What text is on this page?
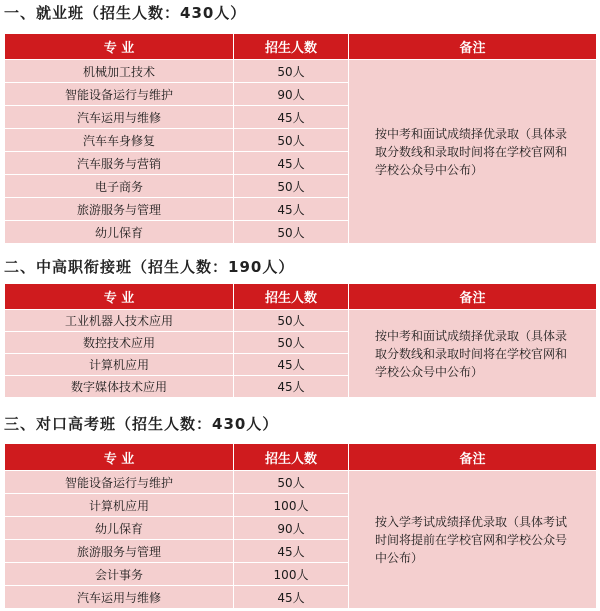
一、就业班（招生人数：430人）
专 业	招生人数	备注
机械加工技术	50人	按中考和面试成绩择优录取（具体录取分数线和录取时间将在学校官网和学校公众号中公布）
智能设备运行与维护	90人	
汽车运用与维修	45人	
汽车车身修复	50人	
汽车服务与营销	45人	
电子商务	50人	
旅游服务与管理	45人	
幼儿保育	50人	
二、中高职衔接班（招生人数：190人）
专 业	招生人数	备注
工业机器人技术应用	50人	按中考和面试成绩择优录取（具体录取分数线和录取时间将在学校官网和学校公众号中公布）
数控技术应用	50人	
计算机应用	45人	
数字媒体技术应用	45人	
三、对口高考班（招生人数：430人）
专 业	招生人数	备注
智能设备运行与维护	50人	按入学考试成绩择优录取（具体考试时间将提前在学校官网和学校公众号中公布）
计算机应用	100人	
幼儿保育	90人	
旅游服务与管理	45人	
会计事务	100人	
汽车运用与维修	45人	
